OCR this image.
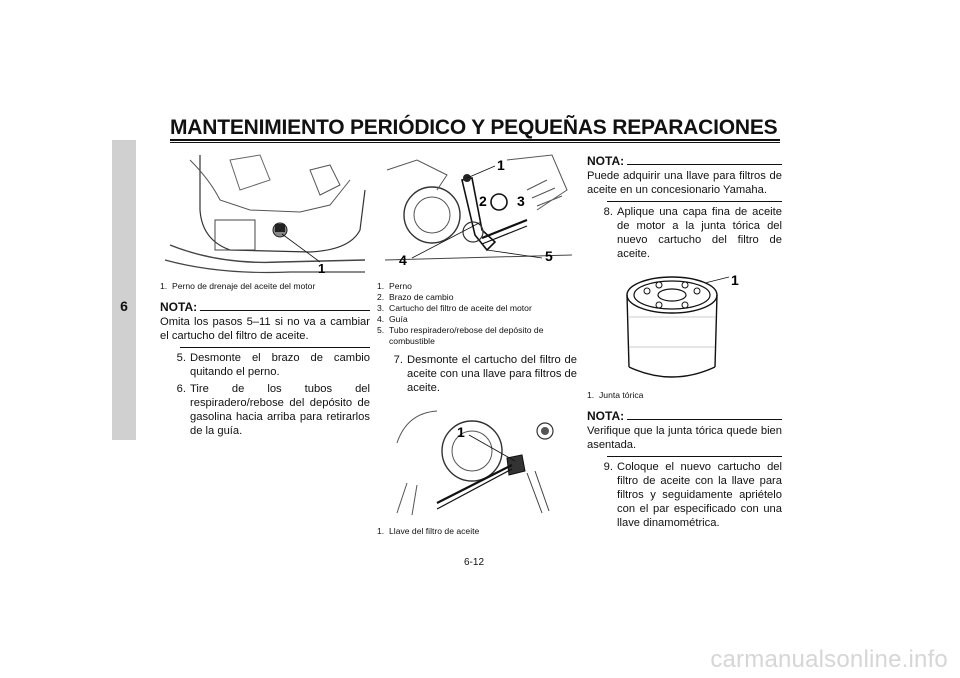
MANTENIMIENTO PERIÓDICO Y PEQUEÑAS REPARACIONES
6
1
1. Perno de drenaje del aceite del motor
NOTA:
Omita los pasos 5–11 si no va a cambiar el cartucho del filtro de aceite.
5. Desmonte el brazo de cambio quitando el perno.
6. Tire de los tubos del respiradero/rebose del depósito de gasolina hacia arriba para retirarlos de la guía.
1
2 3
4	5
1. Perno
2. Brazo de cambio
3. Cartucho del filtro de aceite del motor
4. Guía
5. Tubo respiradero/rebose del depósito de combustible
7. Desmonte el cartucho del filtro de aceite con una llave para filtros de aceite.
1
1. Llave del filtro de aceite
NOTA:
Puede adquirir una llave para filtros de aceite en un concesionario Yamaha.
8. Aplique una capa fina de aceite de motor a la junta tórica del nuevo cartucho del filtro de aceite.
1
1. Junta tórica
NOTA:
Verifique que la junta tórica quede bien asentada.
9. Coloque el nuevo cartucho del filtro de aceite con la llave para filtros y seguidamente apriételo con el par especificado con una llave dinamométrica.
6-12
carmanualsonline.info
